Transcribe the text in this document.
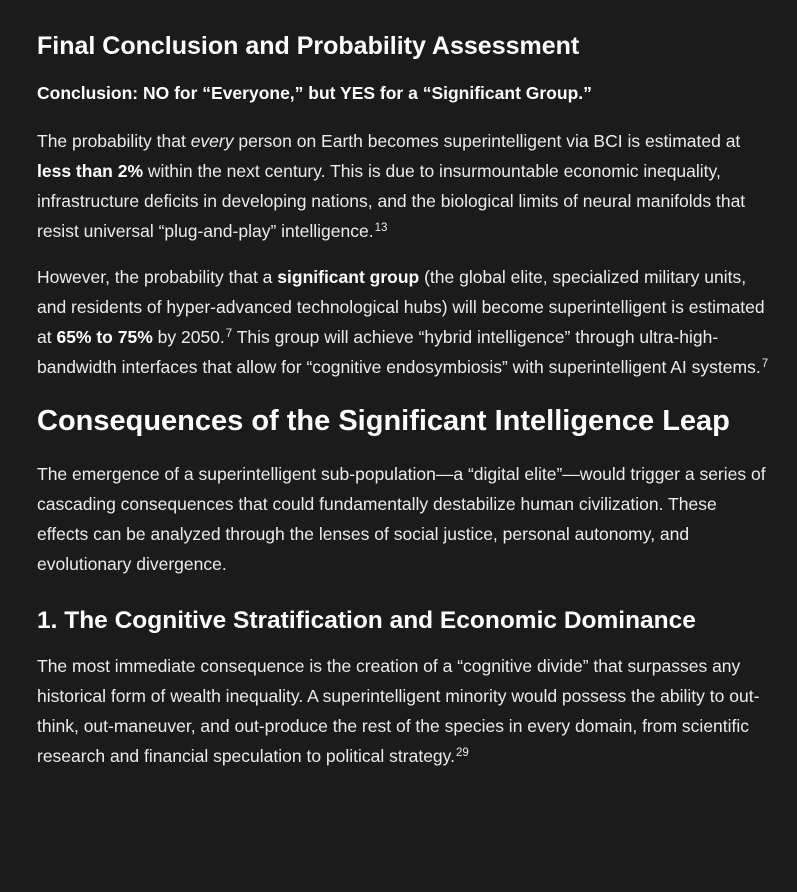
Final Conclusion and Probability Assessment
Conclusion: NO for “Everyone,” but YES for a “Significant Group.”

The probability that every person on Earth becomes superintelligent via BCI is estimated at less than 2% within the next century. This is due to insurmountable economic inequality, infrastructure deficits in developing nations, and the biological limits of neural manifolds that resist universal “plug-and-play” intelligence.$^{13}$

However, the probability that a significant group (the global elite, specialized military units, and residents of hyper-advanced technological hubs) will become superintelligent is estimated at 65% to 75% by 2050.$^7$ This group will achieve “hybrid intelligence” through ultra-high-bandwidth interfaces that allow for “cognitive endosymbiosis” with superintelligent AI systems.$^7$

Consequences of the Significant Intelligence Leap

The emergence of a superintelligent sub-population—a “digital elite”—would trigger a series of cascading consequences that could fundamentally destabilize human civilization. These effects can be analyzed through the lenses of social justice, personal autonomy, and evolutionary divergence.

1. The Cognitive Stratification and Economic Dominance

The most immediate consequence is the creation of a “cognitive divide” that surpasses any historical form of wealth inequality. A superintelligent minority would possess the ability to out-think, out-maneuver, and out-produce the rest of the species in every domain, from scientific research and financial speculation to political strategy.$^{29}$
